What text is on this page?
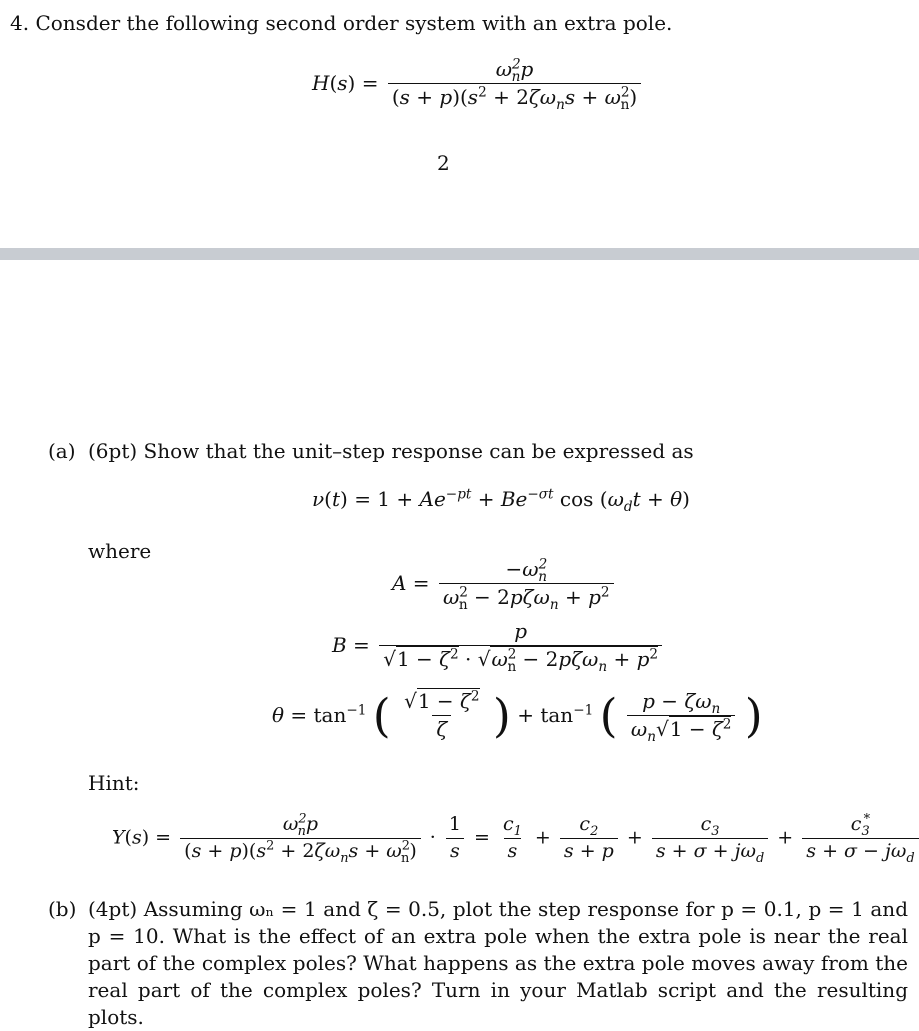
4. Consder the following second order system with an extra pole.
$H(s) = \frac{\omega^2_np}{(s + p)(s^2 + 2\zeta\omega_ns + \omega^2_n)}$
2
(a) (6pt) Show that the unit–step response can be expressed as
$\nu(t) = 1 + Ae^{-pt} + Be^{-\sigma t}$ $\cos (\omega_dt + \theta)$
where
$A = \frac{-\omega^2_n}{\omega^2_n - 2p\zeta\omega_n + p^2}$
$B = \frac{p}{√1 - \zeta^2 \cdot √\omega^2_n - 2p\zeta\omega_n + p^2}$
$\theta = \tan^{-1}$ ( $\frac{√1 - \zeta^2}{\zeta}$ ) + $\tan^{-1}$ ( $\frac{p - \zeta\omega_n}{\omega_n√1 - \zeta^2}$ )
Hint:
$Y(s) = \frac{\omega^2_np}{(s + p)(s^2 + 2\zeta\omega_ns + \omega^2_n)} \cdot \frac{1}{s} = \frac{c_1}{s} + \frac{c_2}{s + p} + \frac{c_3}{s + \sigma + j\omega_d} + \frac{c_3^*}{s + \sigma - j\omega_d}$
(b) (4pt) Assuming ωₙ = 1 and ζ = 0.5, plot the step response for p = 0.1, p = 1 and p = 10. What is the effect of an extra pole when the extra pole is near the real part of the complex poles? What happens as the extra pole moves away from the real part of the complex poles? Turn in your Matlab script and the resulting plots.
